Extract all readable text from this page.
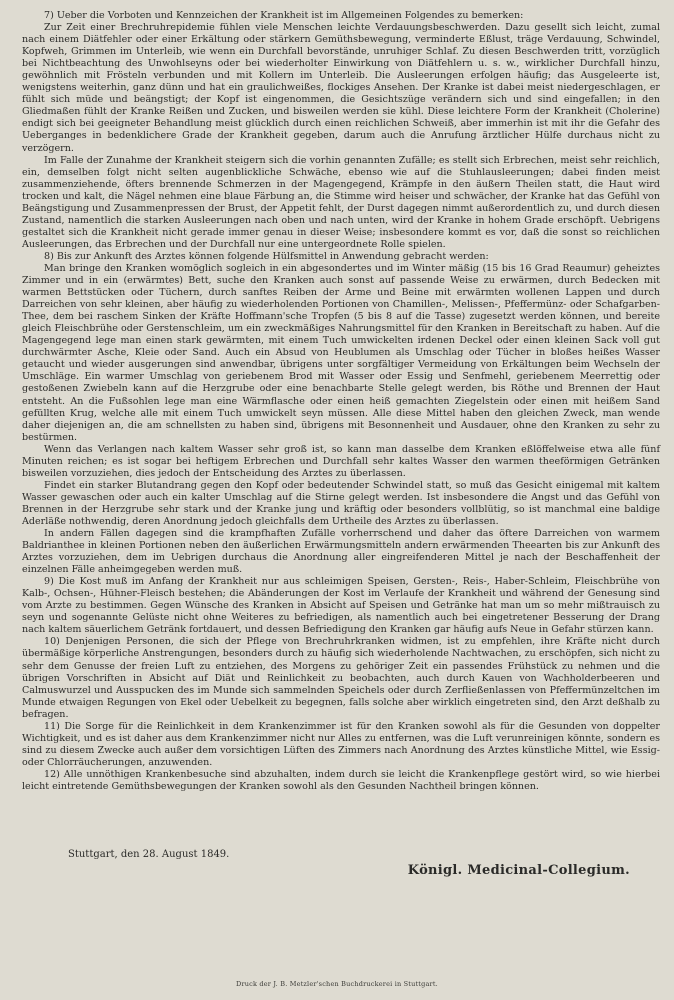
7) Ueber die Vorboten und Kennzeichen der Krankheit ist im Allgemeinen Folgendes zu bemerken:

Zur Zeit einer Brechruhrepidemie fühlen viele Menschen leichte Verdauungsbeschwerden. Dazu gesellt sich leicht, zumal nach einem Diätfehler oder einer Erkältung oder stärkern Gemüthsbewegung, verminderte Eßlust, träge Verdauung, Schwindel, Kopfweh, Grimmen im Unterleib, wie wenn ein Durchfall bevorstände, unruhiger Schlaf. Zu diesen Beschwerden tritt, vorzüglich bei Nichtbeachtung des Unwohlseyns oder bei wiederholter Einwirkung von Diätfehlern u. s. w., wirklicher Durchfall hinzu, gewöhnlich mit Frösteln verbunden und mit Kollern im Unterleib. Die Ausleerungen erfolgen häufig; das Ausgeleerte ist, wenigstens weiterhin, ganz dünn und hat ein graulichweißes, flockiges Ansehen. Der Kranke ist dabei meist niedergeschlagen, er fühlt sich müde und beängstigt; der Kopf ist eingenommen, die Gesichtszüge verändern sich und sind eingefallen; in den Gliedmaßen fühlt der Kranke Reißen und Zucken, und bisweilen werden sie kühl. Diese leichtere Form der Krankheit (Cholerine) endigt sich bei geeigneter Behandlung meist glücklich durch einen reichlichen Schweiß, aber immerhin ist mit ihr die Gefahr des Ueberganges in bedenklichere Grade der Krankheit gegeben, darum auch die Anrufung ärztlicher Hülfe durchaus nicht zu verzögern.

Im Falle der Zunahme der Krankheit steigern sich die vorhin genannten Zufälle; es stellt sich Erbrechen, meist sehr reichlich, ein, demselben folgt nicht selten augenblickliche Schwäche, ebenso wie auf die Stuhlausleerungen; dabei finden meist zusammenziehende, öfters brennende Schmerzen in der Magengegend, Krämpfe in den äußern Theilen statt, die Haut wird trocken und kalt, die Nägel nehmen eine blaue Färbung an, die Stimme wird heiser und schwächer, der Kranke hat das Gefühl von Beängstigung und Zusammenpressen der Brust, der Appetit fehlt, der Durst dagegen nimmt außerordentlich zu, und durch diesen Zustand, namentlich die starken Ausleerungen nach oben und nach unten, wird der Kranke in hohem Grade erschöpft. Uebrigens gestaltet sich die Krankheit nicht gerade immer genau in dieser Weise; insbesondere kommt es vor, daß die sonst so reichlichen Ausleerungen, das Erbrechen und der Durchfall nur eine untergeordnete Rolle spielen.

8) Bis zur Ankunft des Arztes können folgende Hülfsmittel in Anwendung gebracht werden:

Man bringe den Kranken womöglich sogleich in ein abgesondertes und im Winter mäßig (15 bis 16 Grad Reaumur) geheiztes Zimmer und in ein (erwärmtes) Bett, suche den Kranken auch sonst auf passende Weise zu erwärmen, durch Bedecken mit warmen Bettstücken oder Tüchern, durch sanftes Reiben der Arme und Beine mit erwärmten wollenen Lappen und durch Darreichen von sehr kleinen, aber häufig zu wiederholenden Portionen von Chamillen-, Melissen-, Pfeffermünz- oder Schafgarben-Thee, dem bei raschem Sinken der Kräfte Hoffmann'sche Tropfen (5 bis 8 auf die Tasse) zugesetzt werden können, und bereite gleich Fleischbrühe oder Gerstenschleim, um ein zweckmäßiges Nahrungsmittel für den Kranken in Bereitschaft zu haben. Auf die Magengegend lege man einen stark gewärmten, mit einem Tuch umwickelten irdenen Deckel oder einen kleinen Sack voll gut durchwärmter Asche, Kleie oder Sand. Auch ein Absud von Heublumen als Umschlag oder Tücher in bloßes heißes Wasser getaucht und wieder ausgerungen sind anwendbar, übrigens unter sorgfältiger Vermeidung von Erkältungen beim Wechseln der Umschläge. Ein warmer Umschlag von geriebenem Brod mit Wasser oder Essig und Senfmehl, geriebenem Meerrettig oder gestoßenen Zwiebeln kann auf die Herzgrube oder eine benachbarte Stelle gelegt werden, bis Röthe und Brennen der Haut entsteht. An die Fußsohlen lege man eine Wärmflasche oder einen heiß gemachten Ziegelstein oder einen mit heißem Sand gefüllten Krug, welche alle mit einem Tuch umwickelt seyn müssen. Alle diese Mittel haben den gleichen Zweck, man wende daher diejenigen an, die am schnellsten zu haben sind, übrigens mit Besonnenheit und Ausdauer, ohne den Kranken zu sehr zu bestürmen.

Wenn das Verlangen nach kaltem Wasser sehr groß ist, so kann man dasselbe dem Kranken eßlöffelweise etwa alle fünf Minuten reichen; es ist sogar bei heftigem Erbrechen und Durchfall sehr kaltes Wasser den warmen theeförmigen Getränken bisweilen vorzuziehen, dies jedoch der Entscheidung des Arztes zu überlassen.

Findet ein starker Blutandrang gegen den Kopf oder bedeutender Schwindel statt, so muß das Gesicht einigemal mit kaltem Wasser gewaschen oder auch ein kalter Umschlag auf die Stirne gelegt werden. Ist insbesondere die Angst und das Gefühl von Brennen in der Herzgrube sehr stark und der Kranke jung und kräftig oder besonders vollblütig, so ist manchmal eine baldige Aderläße nothwendig, deren Anordnung jedoch gleichfalls dem Urtheile des Arztes zu überlassen.

In andern Fällen dagegen sind die krampfhaften Zufälle vorherrschend und daher das öftere Darreichen von warmem Baldrianthee in kleinen Portionen neben den äußerlichen Erwärmungsmitteln andern erwärmenden Theearten bis zur Ankunft des Arztes vorzuziehen, dem im Uebrigen durchaus die Anordnung aller eingreifenderen Mittel je nach der Beschaffenheit der einzelnen Fälle anheimgegeben werden muß.

9) Die Kost muß im Anfang der Krankheit nur aus schleimigen Speisen, Gersten-, Reis-, Haber-Schleim, Fleischbrühe von Kalb-, Ochsen-, Hühner-Fleisch bestehen; die Abänderungen der Kost im Verlaufe der Krankheit und während der Genesung sind vom Arzte zu bestimmen. Gegen Wünsche des Kranken in Absicht auf Speisen und Getränke hat man um so mehr mißtrauisch zu seyn und sogenannte Gelüste nicht ohne Weiteres zu befriedigen, als namentlich auch bei eingetretener Besserung der Drang nach kaltem säuerlichem Getränk fortdauert, und dessen Befriedigung den Kranken gar häufig aufs Neue in Gefahr stürzen kann.

10) Denjenigen Personen, die sich der Pflege von Brechruhrkranken widmen, ist zu empfehlen, ihre Kräfte nicht durch übermäßige körperliche Anstrengungen, besonders durch zu häufig sich wiederholende Nachtwachen, zu erschöpfen, sich nicht zu sehr dem Genusse der freien Luft zu entziehen, des Morgens zu gehöriger Zeit ein passendes Frühstück zu nehmen und die übrigen Vorschriften in Absicht auf Diät und Reinlichkeit zu beobachten, auch durch Kauen von Wachholderbeeren und Calmuswurzel und Ausspucken des im Munde sich sammelnden Speichels oder durch Zerfließenlassen von Pfeffermünzeltchen im Munde etwaigen Regungen von Ekel oder Uebelkeit zu begegnen, falls solche aber wirklich eingetreten sind, den Arzt deßhalb zu befragen.

11) Die Sorge für die Reinlichkeit in dem Krankenzimmer ist für den Kranken sowohl als für die Gesunden von doppelter Wichtigkeit, und es ist daher aus dem Krankenzimmer nicht nur Alles zu entfernen, was die Luft verunreinigen könnte, sondern es sind zu diesem Zwecke auch außer dem vorsichtigen Lüften des Zimmers nach Anordnung des Arztes künstliche Mittel, wie Essig- oder Chlorräucherungen, anzuwenden.

12) Alle unnöthigen Krankenbesuche sind abzuhalten, indem durch sie leicht die Krankenpflege gestört wird, so wie hierbei leicht eintretende Gemüthsbewegungen der Kranken sowohl als den Gesunden Nachtheil bringen können.

Stuttgart, den 28. August 1849.
Königl. Medicinal-Collegium.
Druck der J. B. Metzler'schen Buchdruckerei in Stuttgart.
